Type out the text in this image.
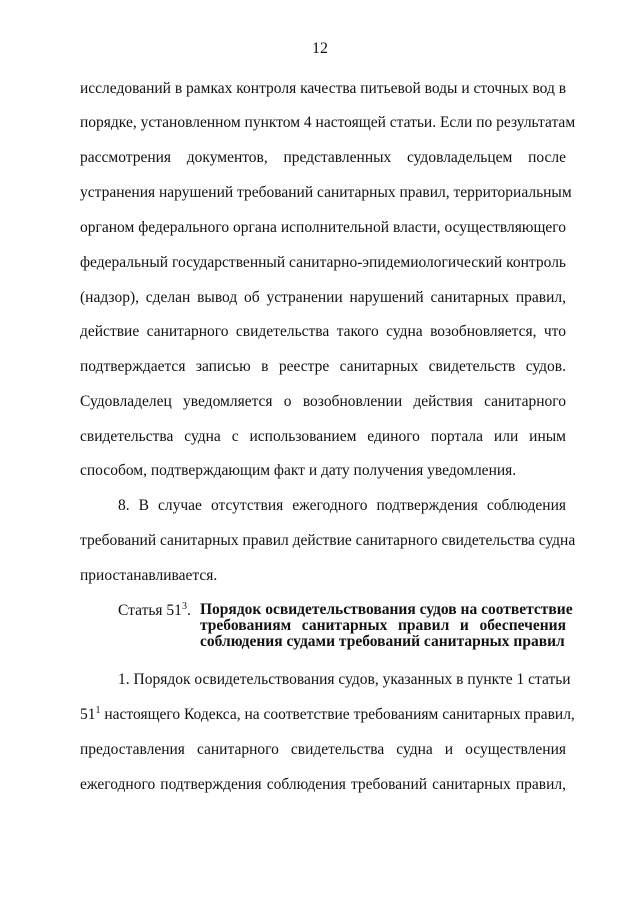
12
исследований в рамках контроля качества питьевой воды и сточных вод в
порядке, установленном пунктом 4 настоящей статьи. Если по результатам
рассмотрения документов, представленных судовладельцем после
устранения нарушений требований санитарных правил, территориальным
органом федерального органа исполнительной власти, осуществляющего
федеральный государственный санитарно-эпидемиологический контроль
(надзор), сделан вывод об устранении нарушений санитарных правил,
действие санитарного свидетельства такого судна возобновляется, что
подтверждается записью в реестре санитарных свидетельств судов.
Судовладелец уведомляется о возобновлении действия санитарного
свидетельства судна с использованием единого портала или иным
способом, подтверждающим факт и дату получения уведомления.
8. В случае отсутствия ежегодного подтверждения соблюдения
требований санитарных правил действие санитарного свидетельства судна
приостанавливается.
Статья $51^3$. Порядок освидетельствования судов на соответствие
требованиям санитарных правил и обеспечения
соблюдения судами требований санитарных правил
1. Порядок освидетельствования судов, указанных в пункте 1 статьи
$51^1$ настоящего Кодекса, на соответствие требованиям санитарных правил,
предоставления санитарного свидетельства судна и осуществления
ежегодного подтверждения соблюдения требований санитарных правил,
